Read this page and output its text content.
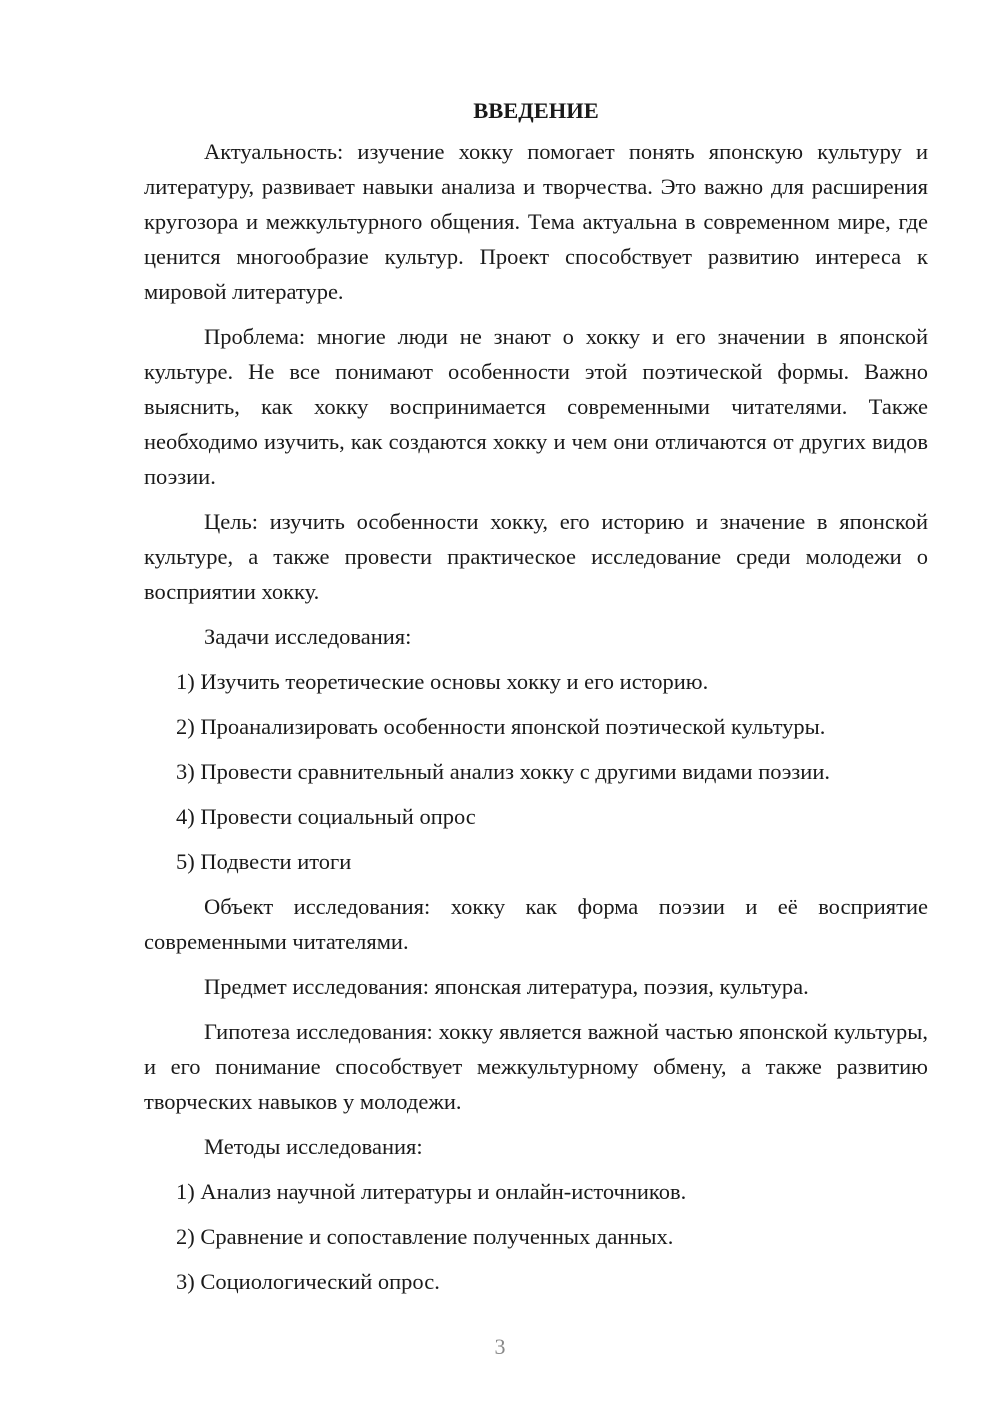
ВВЕДЕНИЕ

Актуальность: изучение хокку помогает понять японскую культуру и литературу, развивает навыки анализа и творчества. Это важно для расширения кругозора и межкультурного общения. Тема актуальна в современном мире, где ценится многообразие культур. Проект способствует развитию интереса к мировой литературе.

Проблема: многие люди не знают о хокку и его значении в японской культуре. Не все понимают особенности этой поэтической формы. Важно выяснить, как хокку воспринимается современными читателями. Также необходимо изучить, как создаются хокку и чем они отличаются от других видов поэзии.

Цель: изучить особенности хокку, его историю и значение в японской культуре, а также провести практическое исследование среди молодежи о восприятии хокку.

Задачи исследования:

1) Изучить теоретические основы хокку и его историю.
2) Проанализировать особенности японской поэтической культуры.
3) Провести сравнительный анализ хокку с другими видами поэзии.
4) Провести социальный опрос
5) Подвести итоги

Объект исследования: хокку как форма поэзии и её восприятие современными читателями.

Предмет исследования: японская литература, поэзия, культура.

Гипотеза исследования: хокку является важной частью японской культуры, и его понимание способствует межкультурному обмену, а также развитию творческих навыков у молодежи.

Методы исследования:

1) Анализ научной литературы и онлайн-источников.
2) Сравнение и сопоставление полученных данных.
3) Социологический опрос.
3
